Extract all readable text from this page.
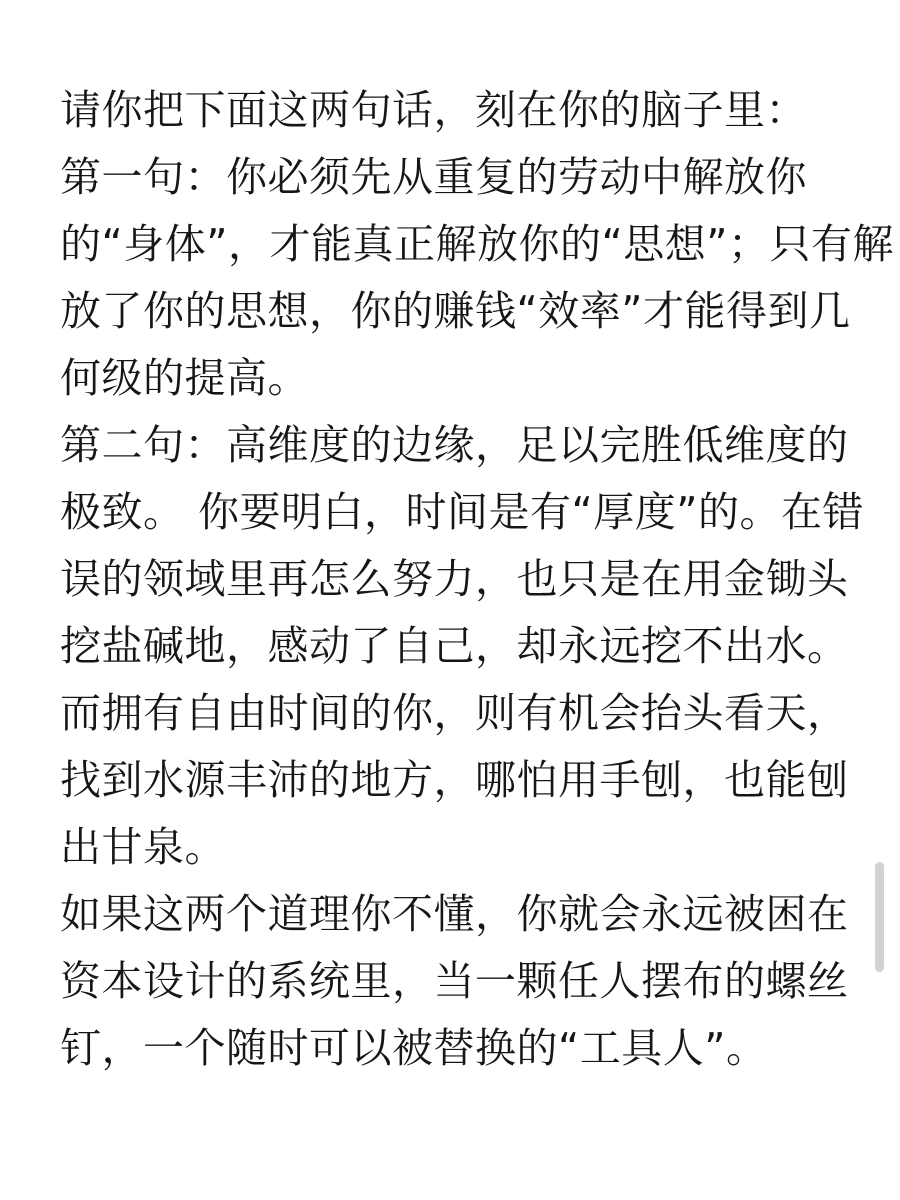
请你把下面这两句话，刻在你的脑子里：

第一句：你必须先从重复的劳动中解放你

的“身体”，才能真正解放你的“思想”；只有解

放了你的思想，你的赚钱“效率”才能得到几

何级的提高。

第二句：高维度的边缘，足以完胜低维度的

极致。 你要明白，时间是有“厚度”的。在错

误的领域里再怎么努力，也只是在用金锄头

挖盐碱地，感动了自己，却永远挖不出水。

而拥有自由时间的你，则有机会抬头看天，

找到水源丰沛的地方，哪怕用手刨，也能刨

出甘泉。

如果这两个道理你不懂，你就会永远被困在

资本设计的系统里，当一颗任人摆布的螺丝

钉，一个随时可以被替换的“工具人”。
